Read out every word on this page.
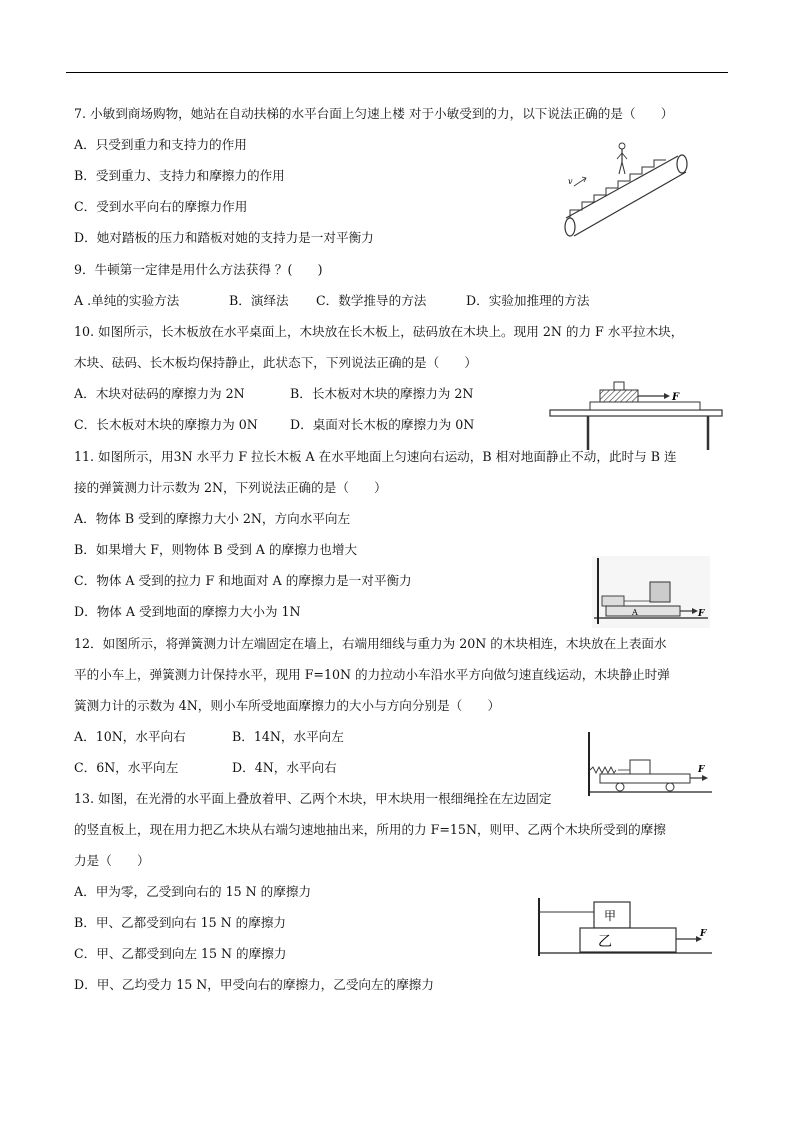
7. 小敏到商场购物，她站在自动扶梯的水平台面上匀速上楼 对于小敏受到的力，以下说法正确的是（　　）
A．只受到重力和支持力的作用
B．受到重力、支持力和摩擦力的作用
C．受到水平向右的摩擦力作用
D．她对踏板的压力和踏板对她的支持力是一对平衡力
v
9．牛顿第一定律是用什么方法获得 ？(　　)
A .单纯的实验方法	B．演绎法 C．数学推导的方法	D．实验加推理的方法
10. 如图所示，长木板放在水平桌面上，木块放在长木板上，砝码放在木块上。现用 2N 的力 F 水平拉木块，
木块、砝码、长木板均保持静止，此状态下，下列说法正确的是（　　）
A．木块对砝码的摩擦力为 2N	B．长木板对木块的摩擦力为 2N
C．长木板对木块的摩擦力为 0N	D．桌面对长木板的摩擦力为 0N
F
11. 如图所示，用3N 水平力 F 拉长木板 A 在水平地面上匀速向右运动，B 相对地面静止不动，此时与 B 连
接的弹簧测力计示数为 2N，下列说法正确的是（　　）
A．物体 B 受到的摩擦力大小 2N，方向水平向左
B．如果增大 F，则物体 B 受到 A 的摩擦力也增大
C．物体 A 受到的拉力 F 和地面对 A 的摩擦力是一对平衡力
D．物体 A 受到地面的摩擦力大小为 1N	A	F
12．如图所示，将弹簧测力计左端固定在墙上，右端用细线与重力为 20N 的木块相连，木块放在上表面水
平的小车上，弹簧测力计保持水平，现用 F=10N 的力拉动小车沿水平方向做匀速直线运动，木块静止时弹
簧测力计的示数为 4N，则小车所受地面摩擦力的大小与方向分别是（　　）
A．10N，水平向右	B．14N，水平向左
C．6N，水平向左	D．4N，水平向右	F
13. 如图，在光滑的水平面上叠放着甲、乙两个木块，甲木块用一根细绳拴在左边固定
的竖直板上，现在用力把乙木块从右端匀速地抽出来，所用的力 F=15N，则甲、乙两个木块所受到的摩擦
力是（　　）
A．甲为零，乙受到向右的 15 N 的摩擦力
B．甲、乙都受到向右 15 N 的摩擦力
C．甲、乙都受到向左 15 N 的摩擦力
D．甲、乙均受力 15 N，甲受向右的摩擦力，乙受向左的摩擦力
甲
乙	F
